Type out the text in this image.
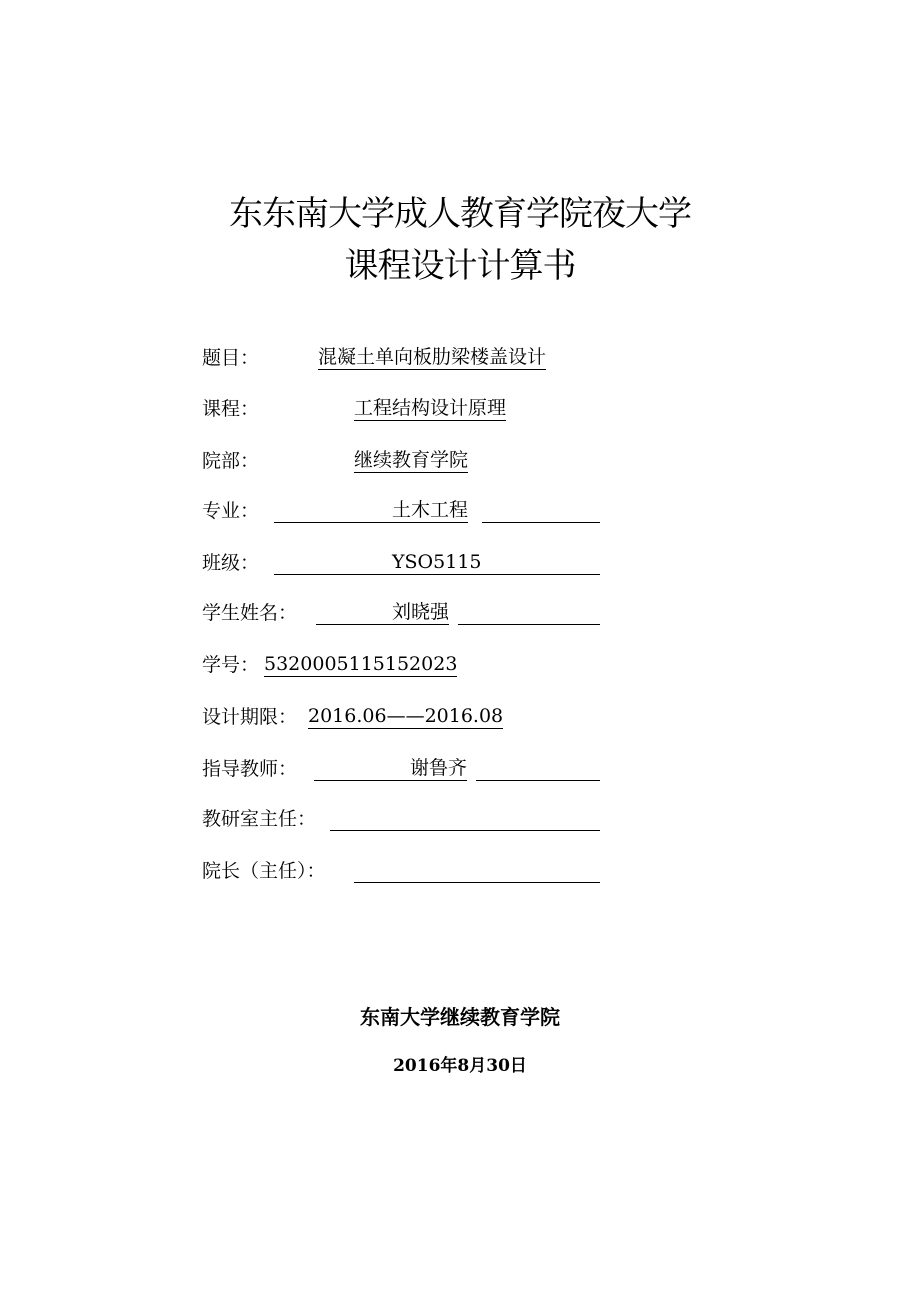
东东南大学成人教育学院夜大学
课程设计计算书
题目：	混凝土单向板肋梁楼盖设计
课程：	工程结构设计原理
院部：	继续教育学院
专业：	土木工程
班级：	YSO5115
学生姓名：	刘晓强
学号： 5320005115152023
设计期限： 2016.06——2016.08
指导教师：	谢鲁齐
教研室主任：
院长（主任）：
东南大学继续教育学院
2016年8月30日
